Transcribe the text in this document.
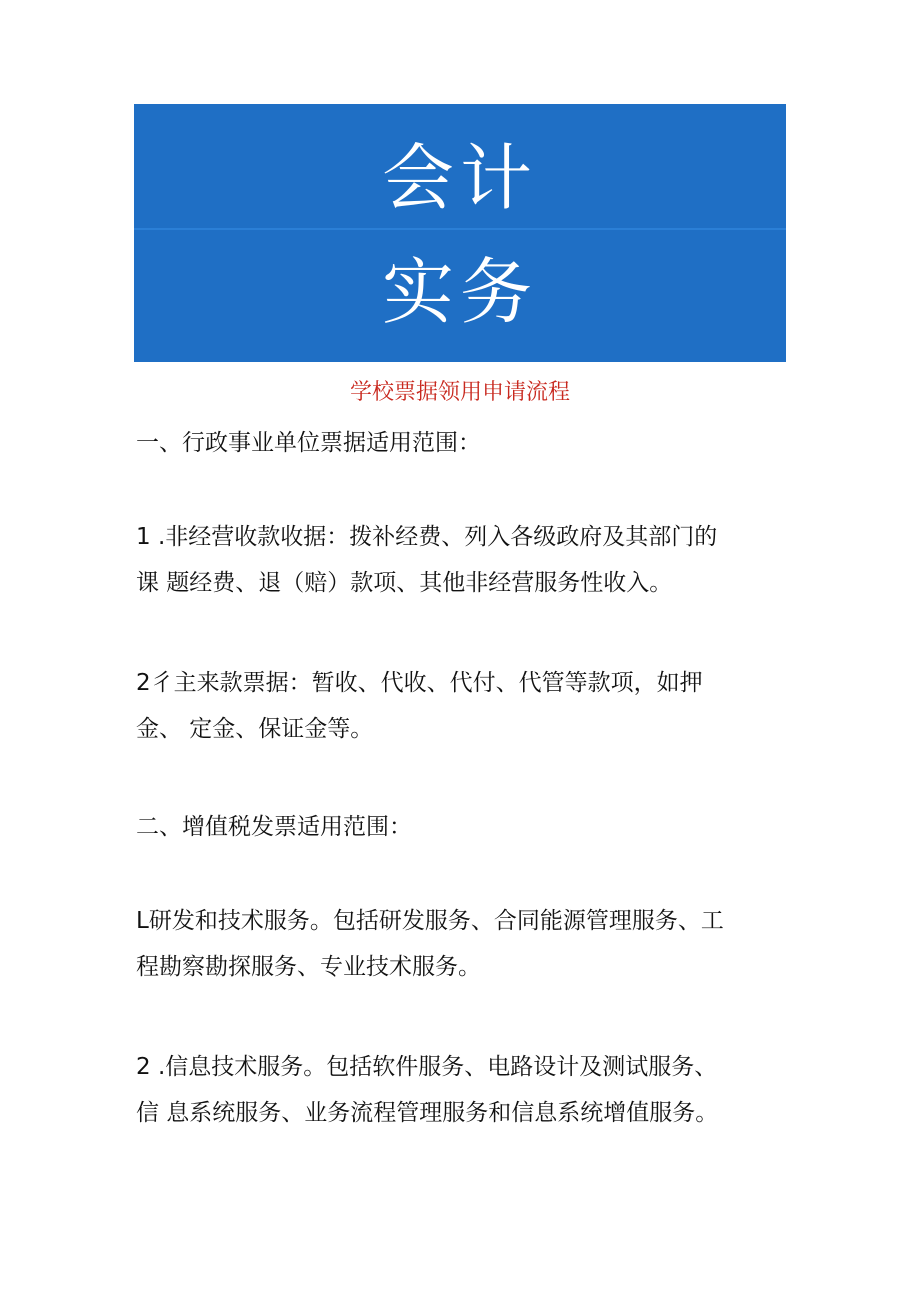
会计
实务
学校票据领用申请流程

一、行政事业单位票据适用范围：

1 .非经营收款收据：拨补经费、列入各级政府及其部门的
课 题经费、退（赔）款项、其他非经营服务性收入。

2彳主来款票据：暂收、代收、代付、代管等款项，如押
金、 定金、保证金等。

二、增值税发票适用范围：

L研发和技术服务。包括研发服务、合同能源管理服务、工
程勘察勘探服务、专业技术服务。

2 .信息技术服务。包括软件服务、电路设计及测试服务、
信 息系统服务、业务流程管理服务和信息系统增值服务。
